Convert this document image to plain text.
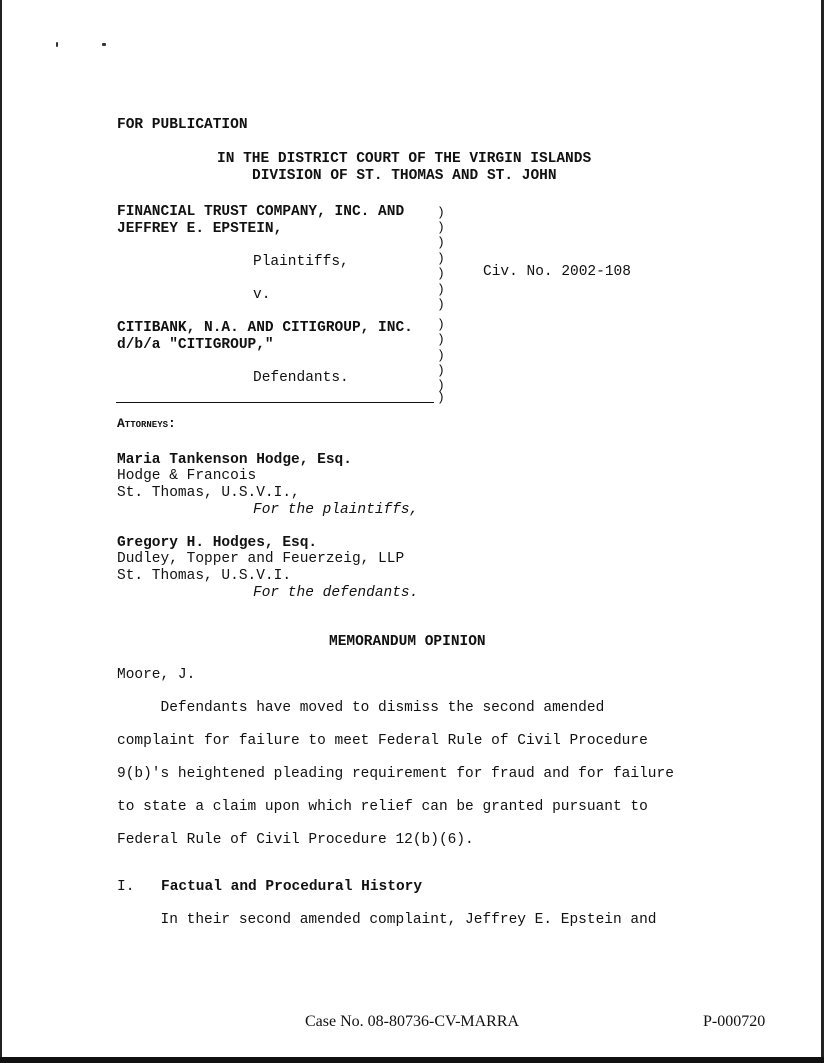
FOR PUBLICATION
IN THE DISTRICT COURT OF THE VIRGIN ISLANDS
DIVISION OF ST. THOMAS AND ST. JOHN
FINANCIAL TRUST COMPANY, INC. AND
JEFFREY E. EPSTEIN,
Plaintiffs,
v.
CITIBANK, N.A. AND CITIGROUP, INC.
d/b/a "CITIGROUP,"
Defendants.
)
)
)
)
)
)
)
)
)
)
)
)
)
Civ. No. 2002-108
Attorneys:
Maria Tankenson Hodge, Esq.
Hodge & Francois
St. Thomas, U.S.V.I.,
For the plaintiffs,
Gregory H. Hodges, Esq.
Dudley, Topper and Feuerzeig, LLP
St. Thomas, U.S.V.I.
For the defendants.
MEMORANDUM OPINION
Moore, J.
Defendants have moved to dismiss the second amended
complaint for failure to meet Federal Rule of Civil Procedure
9(b)'s heightened pleading requirement for fraud and for failure
to state a claim upon which relief can be granted pursuant to
Federal Rule of Civil Procedure 12(b)(6).
I. Factual and Procedural History
In their second amended complaint, Jeffrey E. Epstein and
Case No. 08-80736-CV-MARRA	P-000720
